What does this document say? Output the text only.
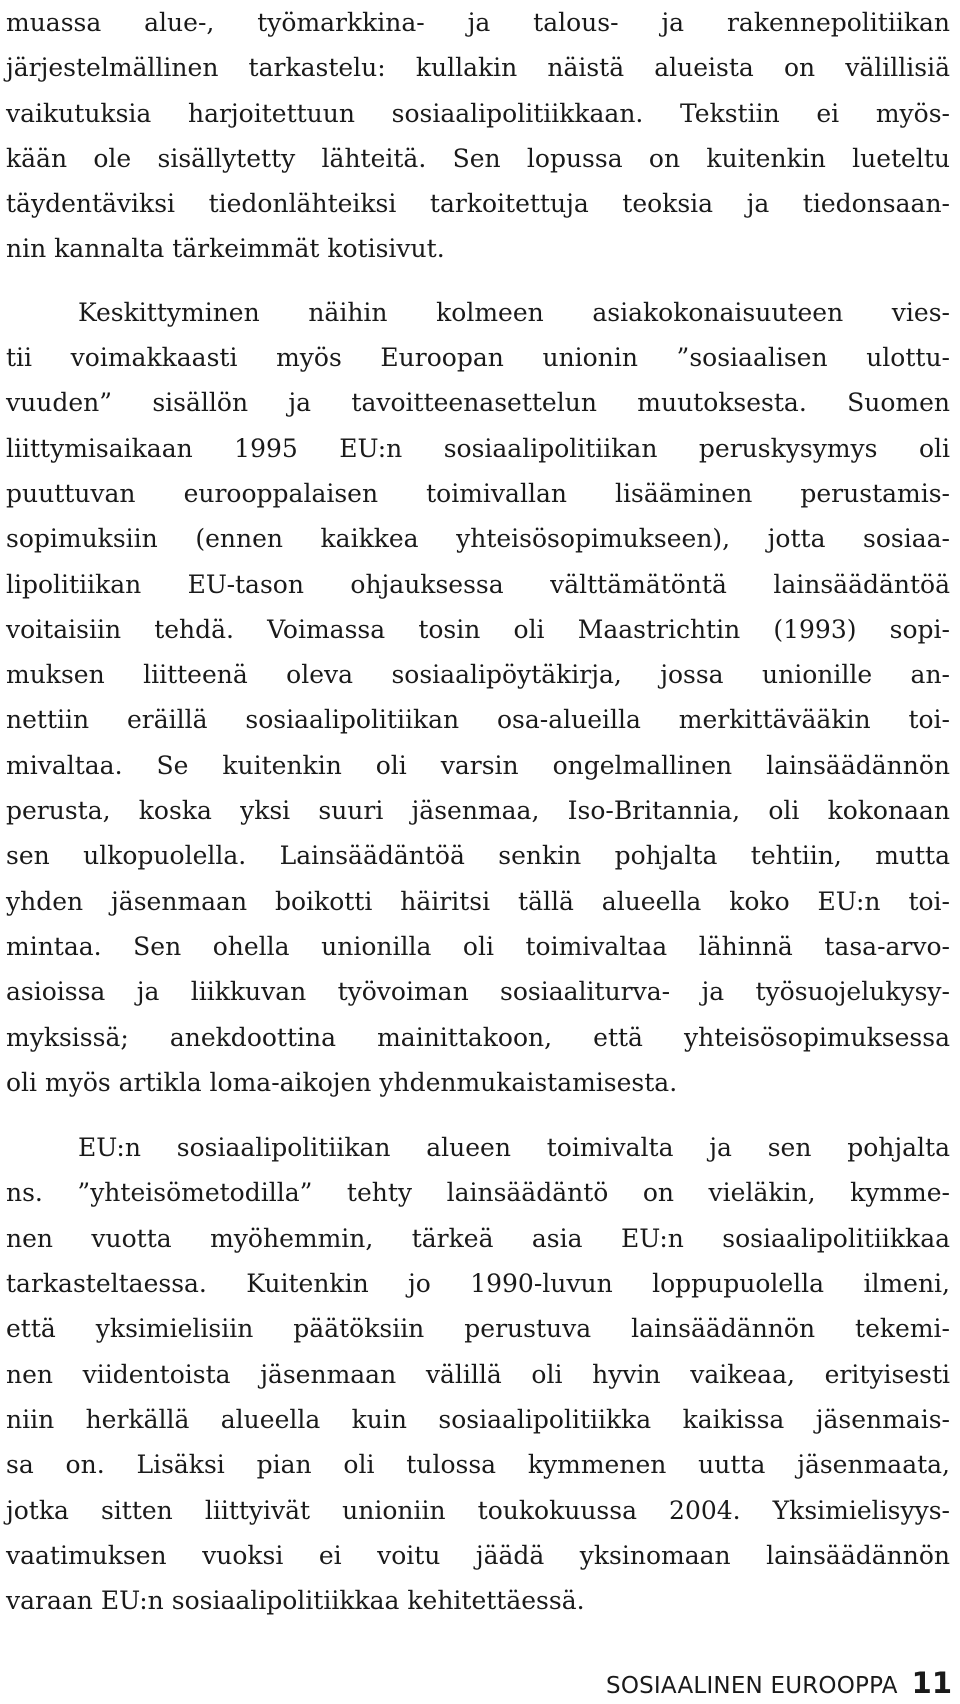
muassa alue-, työmarkkina- ja talous- ja rakennepolitiikan
järjestelmällinen tarkastelu: kullakin näistä alueista on välillisiä
vaikutuksia harjoitettuun sosiaalipolitiikkaan. Tekstiin ei myös-
kään ole sisällytetty lähteitä. Sen lopussa on kuitenkin lueteltu
täydentäviksi tiedonlähteiksi tarkoitettuja teoksia ja tiedonsaan-
nin kannalta tärkeimmät kotisivut.
Keskittyminen näihin kolmeen asiakokonaisuuteen vies-
tii voimakkaasti myös Euroopan unionin ”sosiaalisen ulottu-
vuuden” sisällön ja tavoitteenasettelun muutoksesta. Suomen
liittymisaikaan 1995 EU:n sosiaalipolitiikan peruskysymys oli
puuttuvan eurooppalaisen toimivallan lisääminen perustamis-
sopimuksiin (ennen kaikkea yhteisösopimukseen), jotta sosiaa-
lipolitiikan EU-tason ohjauksessa välttämätöntä lainsäädäntöä
voitaisiin tehdä. Voimassa tosin oli Maastrichtin (1993) sopi-
muksen liitteenä oleva sosiaalipöytäkirja, jossa unionille an-
nettiin eräillä sosiaalipolitiikan osa-alueilla merkittävääkin toi-
mivaltaa. Se kuitenkin oli varsin ongelmallinen lainsäädännön
perusta, koska yksi suuri jäsenmaa, Iso-Britannia, oli kokonaan
sen ulkopuolella. Lainsäädäntöä senkin pohjalta tehtiin, mutta
yhden jäsenmaan boikotti häiritsi tällä alueella koko EU:n toi-
mintaa. Sen ohella unionilla oli toimivaltaa lähinnä tasa-arvo-
asioissa ja liikkuvan työvoiman sosiaaliturva- ja työsuojelukysy-
myksissä; anekdoottina mainittakoon, että yhteisösopimuksessa
oli myös artikla loma-aikojen yhdenmukaistamisesta.
EU:n sosiaalipolitiikan alueen toimivalta ja sen pohjalta
ns. ”yhteisömetodilla” tehty lainsäädäntö on vieläkin, kymme-
nen vuotta myöhemmin, tärkeä asia EU:n sosiaalipolitiikkaa
tarkasteltaessa. Kuitenkin jo 1990-luvun loppupuolella ilmeni,
että yksimielisiin päätöksiin perustuva lainsäädännön tekemi-
nen viidentoista jäsenmaan välillä oli hyvin vaikeaa, erityisesti
niin herkällä alueella kuin sosiaalipolitiikka kaikissa jäsenmais-
sa on. Lisäksi pian oli tulossa kymmenen uutta jäsenmaata,
jotka sitten liittyivät unioniin toukokuussa 2004. Yksimielisyys-
vaatimuksen vuoksi ei voitu jäädä yksinomaan lainsäädännön
varaan EU:n sosiaalipolitiikkaa kehitettäessä.
SOSIAALINEN EUROOPPA 11
